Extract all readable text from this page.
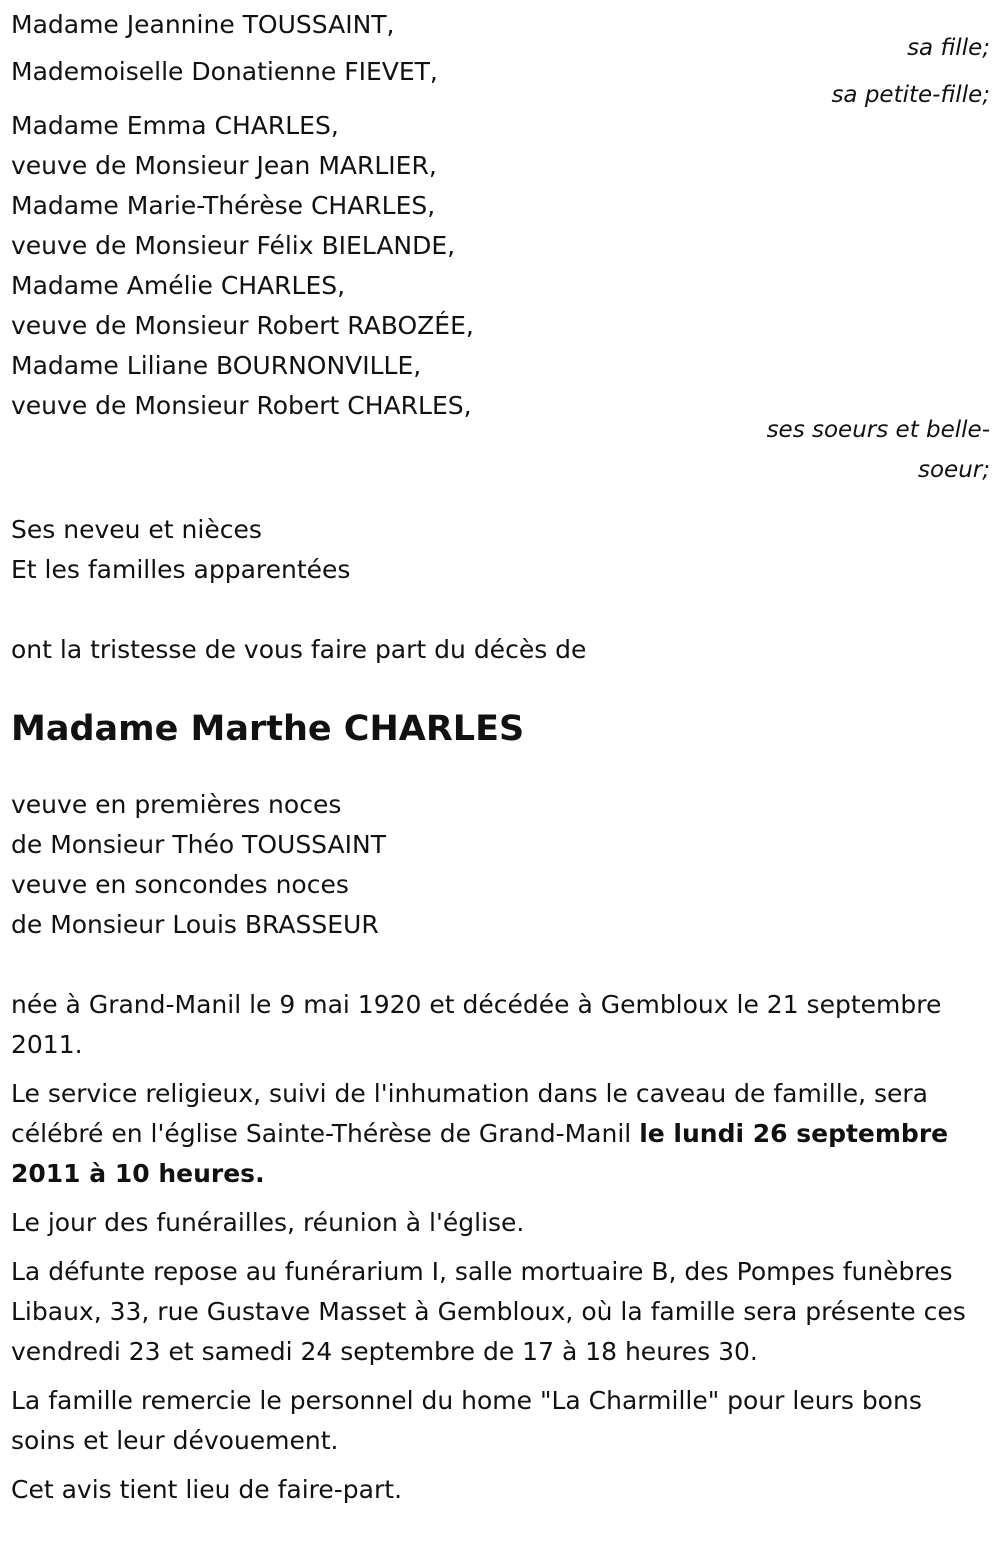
Madame Jeannine TOUSSAINT,
sa fille;
Mademoiselle Donatienne FIEVET,
sa petite-fille;
Madame Emma CHARLES,
veuve de Monsieur Jean MARLIER,
Madame Marie-Thérèse CHARLES,
veuve de Monsieur Félix BIELANDE,
Madame Amélie CHARLES,
veuve de Monsieur Robert RABOZÉE,
Madame Liliane BOURNONVILLE,
veuve de Monsieur Robert CHARLES,
ses soeurs et belle-soeur;
Ses neveu et nièces
Et les familles apparentées
ont la tristesse de vous faire part du décès de
Madame Marthe CHARLES
veuve en premières noces
de Monsieur Théo TOUSSAINT
veuve en soncondes noces
de Monsieur Louis BRASSEUR

née à Grand-Manil le 9 mai 1920 et décédée à Gembloux le 21 septembre 2011.

Le service religieux, suivi de l'inhumation dans le caveau de famille, sera célébré en l'église Sainte-Thérèse de Grand-Manil le lundi 26 septembre 2011 à 10 heures.

Le jour des funérailles, réunion à l'église.

La défunte repose au funérarium I, salle mortuaire B, des Pompes funèbres Libaux, 33, rue Gustave Masset à Gembloux, où la famille sera présente ces vendredi 23 et samedi 24 septembre de 17 à 18 heures 30.

La famille remercie le personnel du home "La Charmille" pour leurs bons soins et leur dévouement.

Cet avis tient lieu de faire-part.
